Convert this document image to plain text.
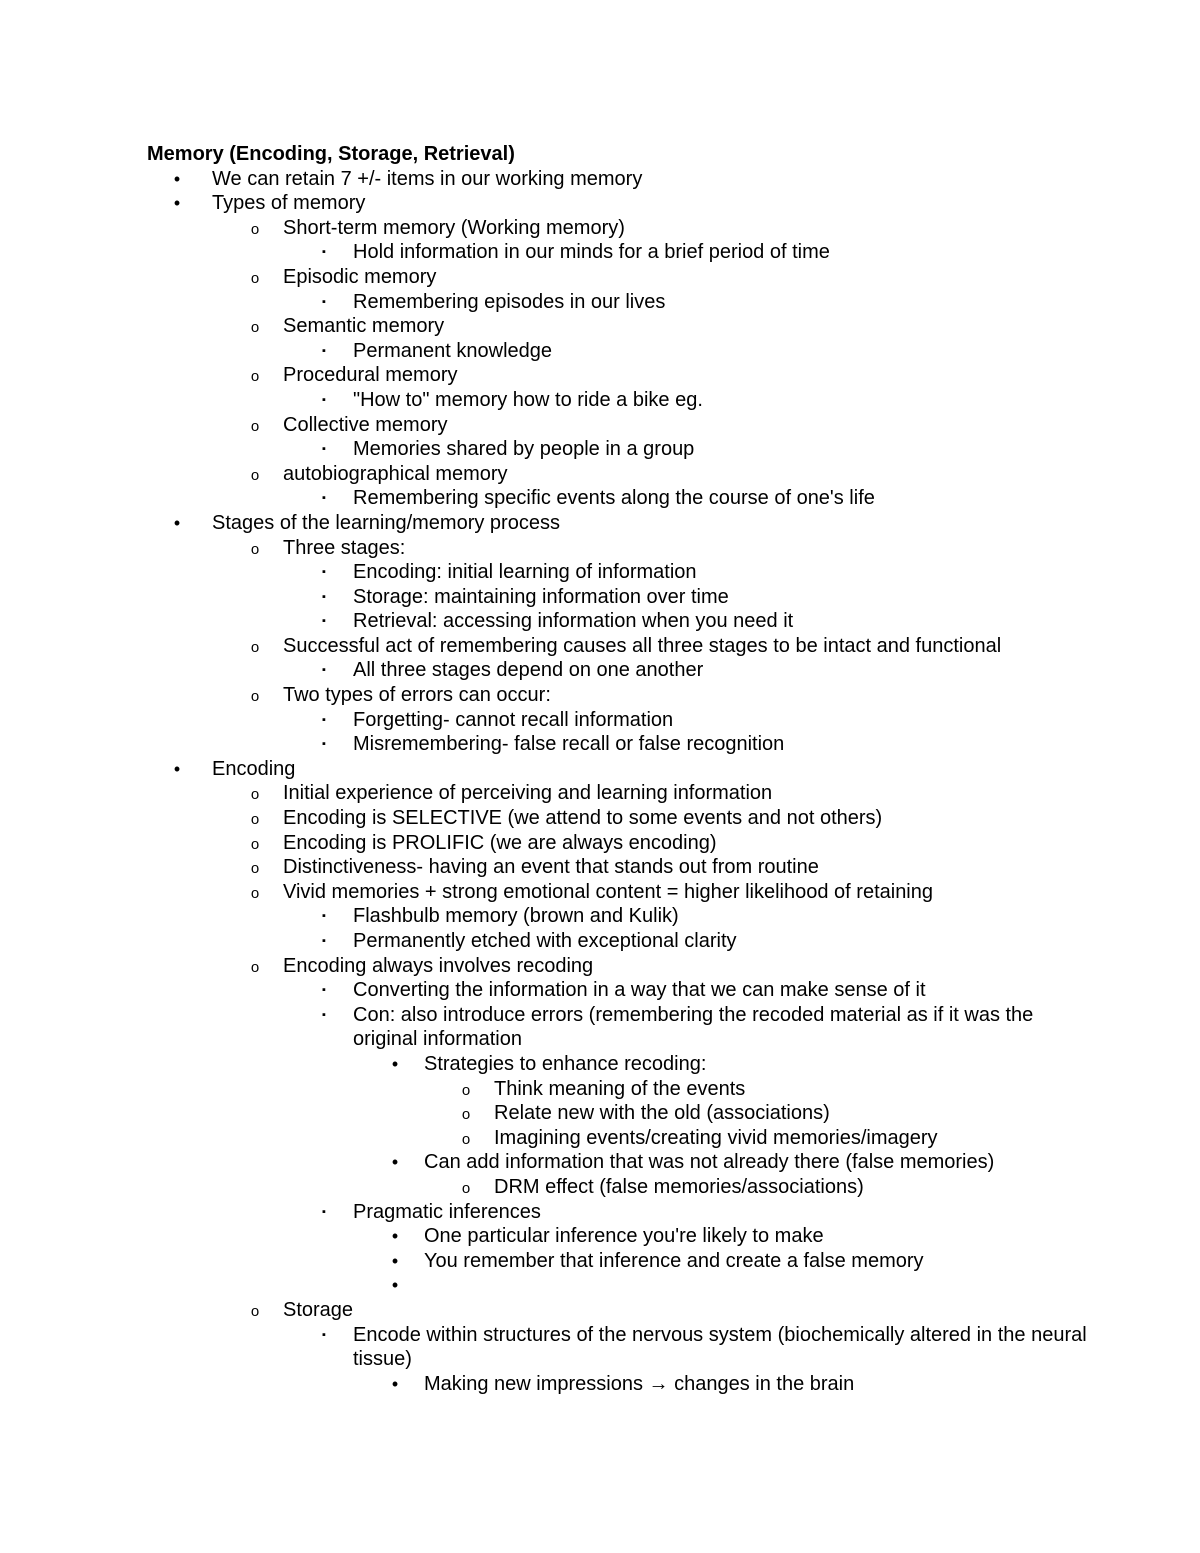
Memory (Encoding, Storage, Retrieval)
•	We can retain 7 +/- items in our working memory
•	Types of memory
o	Short-term memory (Working memory)
▪	Hold information in our minds for a brief period of time
o	Episodic memory
▪	Remembering episodes in our lives
o	Semantic memory
▪	Permanent knowledge
o	Procedural memory
▪	"How to" memory how to ride a bike eg.
o	Collective memory
▪	Memories shared by people in a group
o	autobiographical memory
▪	Remembering specific events along the course of one's life
•	Stages of the learning/memory process
o	Three stages:
▪	Encoding: initial learning of information
▪	Storage: maintaining information over time
▪	Retrieval: accessing information when you need it
o	Successful act of remembering causes all three stages to be intact and functional
▪	All three stages depend on one another
o	Two types of errors can occur:
▪	Forgetting- cannot recall information
▪	Misremembering- false recall or false recognition
•	Encoding
o	Initial experience of perceiving and learning information
o	Encoding is SELECTIVE (we attend to some events and not others)
o	Encoding is PROLIFIC (we are always encoding)
o	Distinctiveness- having an event that stands out from routine
o	Vivid memories + strong emotional content = higher likelihood of retaining
▪	Flashbulb memory (brown and Kulik)
▪	Permanently etched with exceptional clarity
o	Encoding always involves recoding
▪	Converting the information in a way that we can make sense of it
▪	Con: also introduce errors (remembering the recoded material as if it was the original information
•	Strategies to enhance recoding:
o	Think meaning of the events
o	Relate new with the old (associations)
o	Imagining events/creating vivid memories/imagery
•	Can add information that was not already there (false memories)
o	DRM effect (false memories/associations)
▪	Pragmatic inferences
•	One particular inference you're likely to make
•	You remember that inference and create a false memory
•
o	Storage
▪	Encode within structures of the nervous system (biochemically altered in the neural tissue)
•	Making new impressions → changes in the brain
